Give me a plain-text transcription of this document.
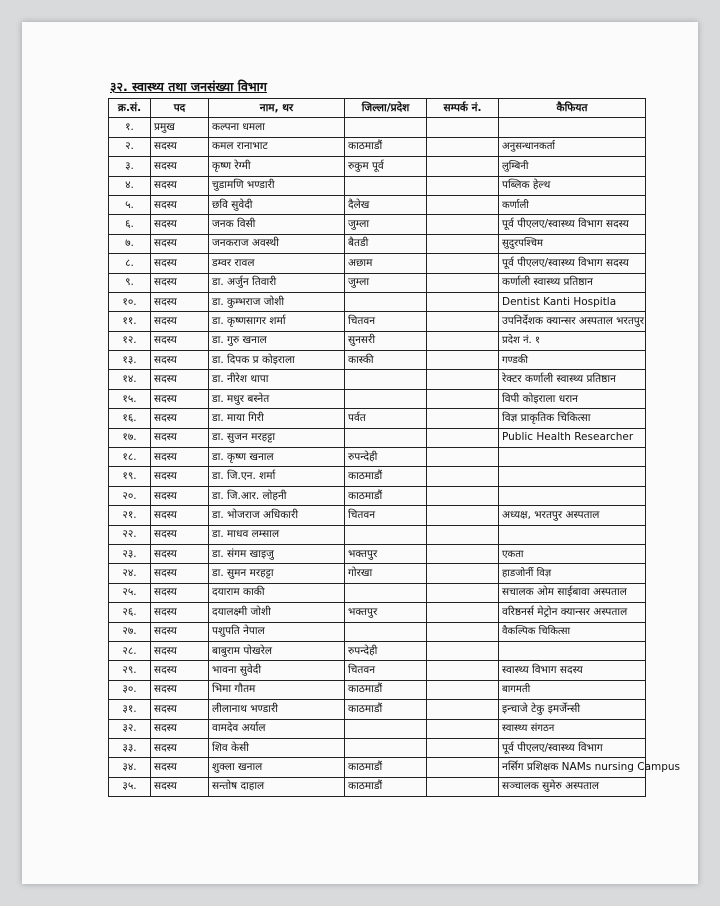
३२. स्वास्थ्य तथा जनसंख्या विभाग
क्र.सं.	पद	नाम, थर	जिल्ला/प्रदेश	सम्पर्क नं.	कैफियत
१.	प्रमुख	कल्पना धमला			
२.	सदस्य	कमल रानाभाट	काठमाडौं		अनुसन्धानकर्ता
३.	सदस्य	कृष्ण रेग्मी	रुकुम पूर्व		लुम्बिनी
४.	सदस्य	चुडामणि भण्डारी			पब्लिक हेल्थ
५.	सदस्य	छवि सुवेदी	दैलेख		कर्णाली
६.	सदस्य	जनक विसी	जुम्ला		पूर्व पीएलए/स्वास्थ्य विभाग सदस्य
७.	सदस्य	जनकराज अवस्थी	बैतडी		सुदुरपश्चिम
८.	सदस्य	डम्वर रावल	अछाम		पूर्व पीएलए/स्वास्थ्य विभाग सदस्य
९.	सदस्य	डा. अर्जुन तिवारी	जुम्ला		कर्णाली स्वास्थ्य प्रतिष्ठान
१०.	सदस्य	डा. कुम्भराज जोशी			Dentist Kanti Hospitla
११.	सदस्य	डा. कृष्णसागर शर्मा	चितवन		उपनिर्देशक क्यान्सर अस्पताल भरतपुर
१२.	सदस्य	डा. गुरु खनाल	सुनसरी		प्रदेश नं. १
१३.	सदस्य	डा. दिपक प्र कोइराला	कास्की		गण्डकी
१४.	सदस्य	डा. नीरेश थापा			रेक्टर कर्णाली स्वास्थ्य प्रतिष्ठान
१५.	सदस्य	डा. मधुर बस्नेत			विपी कोइराला धरान
१६.	सदस्य	डा. माया गिरी	पर्वत		विज्ञ प्राकृतिक चिकित्सा
१७.	सदस्य	डा. सुजन मरहट्टा			Public Health Researcher
१८.	सदस्य	डा. कृष्ण खनाल	रुपन्देही		
१९.	सदस्य	डा. जि.एन. शर्मा	काठमाडौं		
२०.	सदस्य	डा. जि.आर. लोहनी	काठमाडौं		
२१.	सदस्य	डा. भोजराज अधिकारी	चितवन		अध्यक्ष, भरतपुर अस्पताल
२२.	सदस्य	डा. माधव लम्साल			
२३.	सदस्य	डा. संगम खाइजु	भक्तपुर		एकता
२४.	सदस्य	डा. सुमन मरहट्टा	गोरखा		हाडजोर्नी विज्ञ
२५.	सदस्य	दयाराम काकी			सचालक ओम साईबावा अस्पताल
२६.	सदस्य	दयालक्ष्मी जोशी	भक्तपुर		वरिष्ठनर्स मेट्रोन क्यान्सर अस्पताल
२७.	सदस्य	पशुपति नेपाल			वैकल्पिक चिकित्सा
२८.	सदस्य	बाबुराम पोखरेल	रुपन्देही		
२९.	सदस्य	भावना सुवेदी	चितवन		स्वास्थ्य विभाग सदस्य
३०.	सदस्य	भिमा गौतम	काठमाडौं		बागमती
३१.	सदस्य	लीलानाथ भण्डारी	काठमाडौं		इन्चाजे टेकु इमर्जेन्सी
३२.	सदस्य	वामदेव अर्याल			स्वास्थ्य संगठन
३३.	सदस्य	शिव केसी			पूर्व पीएलए/स्वास्थ्य विभाग
३४.	सदस्य	शुक्ला खनाल	काठमाडौं		नर्सिग प्रशिक्षक NAMs nursing Campus
३५.	सदस्य	सन्तोष दाहाल	काठमाडौं		सञ्चालक सुमेरु अस्पताल
